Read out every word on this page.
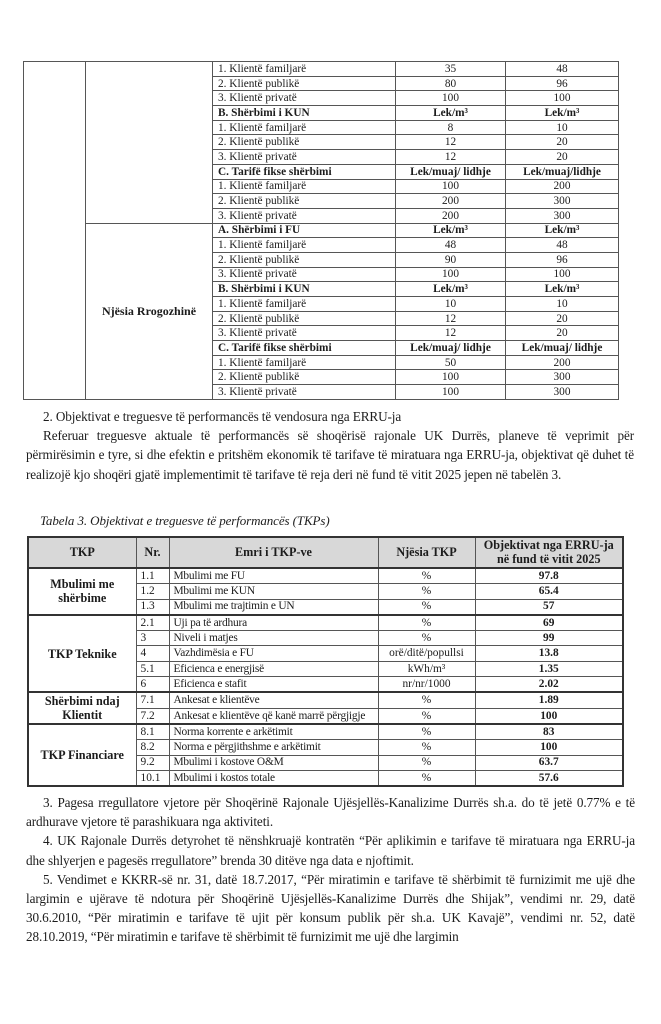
		1. Klientë familjarë	35	48
		2. Klientë publikë	80	96
		3. Klientë privatë	100	100
		B. Shërbimi i KUN	Lek/m³	Lek/m³
		1. Klientë familjarë	8	10
		2. Klientë publikë	12	20
		3. Klientë privatë	12	20
		C. Tarifë fikse shërbimi	Lek/muaj/ lidhje	Lek/muaj/lidhje
		1. Klientë familjarë	100	200
		2. Klientë publikë	200	300
		3. Klientë privatë	200	300
	Njësia Rrogozhinë	A. Shërbimi i FU	Lek/m³	Lek/m³
		1. Klientë familjarë	48	48
		2. Klientë publikë	90	96
		3. Klientë privatë	100	100
		B. Shërbimi i KUN	Lek/m³	Lek/m³
		1. Klientë familjarë	10	10
		2. Klientë publikë	12	20
		3. Klientë privatë	12	20
		C. Tarifë fikse shërbimi	Lek/muaj/ lidhje	Lek/muaj/ lidhje
		1. Klientë familjarë	50	200
		2. Klientë publikë	100	300
		3. Klientë privatë	100	300

2. Objektivat e treguesve të performancës të vendosura nga ERRU-ja

Referuar treguesve aktuale të performancës së shoqërisë rajonale UK Durrës, planeve të veprimit për përmirësimin e tyre, si dhe efektin e pritshëm ekonomik të tarifave të miratuara nga ERRU-ja, objektivat që duhet të realizojë kjo shoqëri gjatë implementimit të tarifave të reja deri në fund të vitit 2025 jepen në tabelën 3.

Tabela 3. Objektivat e treguesve të performancës (TKPs)
TKP	Nr.	Emri i TKP-ve	Njësia TKP	Objektivat nga ERRU-ja në fund të vitit 2025
Mbulimi me shërbime	1.1	Mbulimi me FU	%	97.8
	1.2	Mbulimi me KUN	%	65.4
	1.3	Mbulimi me trajtimin e UN	%	57
TKP Teknike	2.1	Uji pa të ardhura	%	69
	3	Niveli i matjes	%	99
	4	Vazhdimësia e FU	orë/ditë/popullsi	13.8
	5.1	Eficienca e energjisë	kWh/m³	1.35
	6	Eficienca e stafit	nr/nr/1000	2.02
Shërbimi ndaj Klientit	7.1	Ankesat e klientëve	%	1.89
	7.2	Ankesat e klientëve që kanë marrë përgjigje	%	100
TKP Financiare	8.1	Norma korrente e arkëtimit	%	83
	8.2	Norma e përgjithshme e arkëtimit	%	100
	9.2	Mbulimi i kostove O&M	%	63.7
	10.1	Mbulimi i kostos totale	%	57.6

3. Pagesa rregullatore vjetore për Shoqërinë Rajonale Ujësjellës-Kanalizime Durrës sh.a. do të jetë 0.77% e të ardhurave vjetore të parashikuara nga aktiviteti.

4. UK Rajonale Durrës detyrohet të nënshkruajë kontratën “Për aplikimin e tarifave të miratuara nga ERRU-ja dhe shlyerjen e pagesës rregullatore” brenda 30 ditëve nga data e njoftimit.

5. Vendimet e KKRR-së nr. 31, datë 18.7.2017, “Për miratimin e tarifave të shërbimit të furnizimit me ujë dhe largimin e ujërave të ndotura për Shoqërinë Ujësjellës-Kanalizime Durrës dhe Shijak”, vendimi nr. 29, datë 30.6.2010, “Për miratimin e tarifave të ujit për konsum publik për sh.a. UK Kavajë”, vendimi nr. 52, datë 28.10.2019, “Për miratimin e tarifave të shërbimit të furnizimit me ujë dhe largimin
